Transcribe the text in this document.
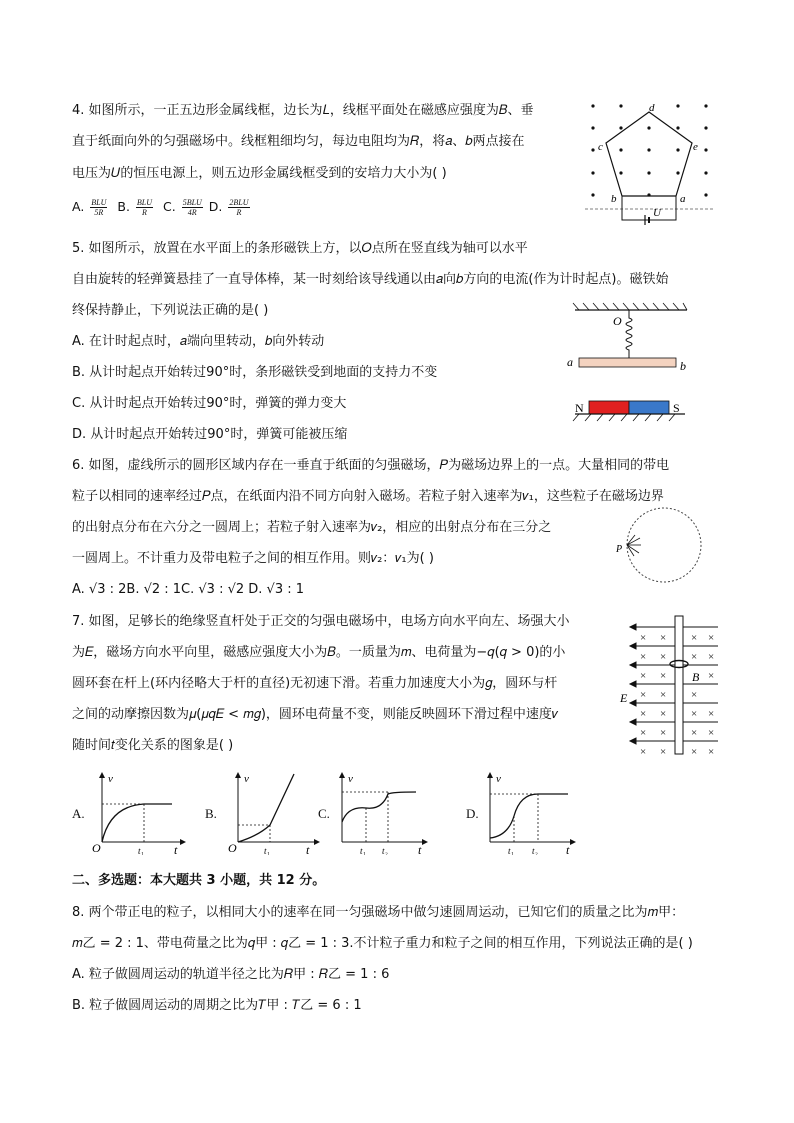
4. 如图所示，一正五边形金属线框，边长为𝐿，线框平面处在磁感应强度为𝐵、垂
直于纸面向外的匀强磁场中。线框粗细均匀，每边电阻均为𝑅，将𝑎、𝑏两点接在
电压为𝑈的恒压电源上，则五边形金属线框受到的安培力大小为( )
A. $\frac{\text{BLU}}{5R} B$. $\frac{\text{BLU}}{R} C$. $\frac{\text{5BLU}}{4R} D$. $\frac{\text{2BLU}}{R}$
d
c	e
b	a
U
5. 如图所示，放置在水平面上的条形磁铁上方，以𝑂点所在竖直线为轴可以水平
自由旋转的轻弹簧悬挂了一直导体棒，某一时刻给该导线通以由𝑎向𝑏方向的电流(作为计时起点)。磁铁始
终保持静止，下列说法正确的是( )
A. 在计时起点时，𝑎端向里转动，𝑏向外转动
B. 从计时起点开始转过90°时，条形磁铁受到地面的支持力不变
C. 从计时起点开始转过90°时，弹簧的弹力变大
D. 从计时起点开始转过90°时，弹簧可能被压缩
O
a	b
N	S
6. 如图，虚线所示的圆形区域内存在一垂直于纸面的匀强磁场，𝑃为磁场边界上的一点。大量相同的带电
粒子以相同的速率经过𝑃点，在纸面内沿不同方向射入磁场。若粒子射入速率为𝑣₁，这些粒子在磁场边界
的出射点分布在六分之一圆周上；若粒子射入速率为𝑣₂，相应的出射点分布在三分之
一圆周上。不计重力及带电粒子之间的相互作用。则𝑣₂：𝑣₁为( )
A. √3 : 2B. √2 : 1C. √3 : √2 D. √3 : 1
P
7. 如图，足够长的绝缘竖直杆处于正交的匀强电磁场中，电场方向水平向左、场强大小
为𝐸，磁场方向水平向里，磁感应强度大小为𝐵。一质量为𝑚、电荷量为−𝑞(𝑞 > 0)的小
圆环套在杆上(环内径略大于杆的直径)无初速下滑。若重力加速度大小为𝑔，圆环与杆
之间的动摩擦因数为𝜇(𝜇𝑞𝐸 < 𝑚𝑔)，圆环电荷量不变，则能反映圆环下滑过程中速度𝑣
随时间𝑡变化关系的图象是( )
× × × ×
× × × ×
× ×	×
× × ×
× × × ×
× × × ×
× × × ×
E
B
A.
v
O	t₁	t
B.
v
O	t₁	t
C.
v
t₁ t₂	t
D.
v
t₁ t₂ t
二、多选题：本大题共 3 小题，共 12 分。
8. 两个带正电的粒子，以相同大小的速率在同一匀强磁场中做匀速圆周运动，已知它们的质量之比为𝑚甲：
𝑚乙 = 2 : 1、带电荷量之比为𝑞甲 : 𝑞乙 = 1 : 3.不计粒子重力和粒子之间的相互作用，下列说法正确的是( )
A. 粒子做圆周运动的轨道半径之比为𝑅甲 : 𝑅乙 = 1 : 6
B. 粒子做圆周运动的周期之比为𝑇甲 : 𝑇乙 = 6 : 1
